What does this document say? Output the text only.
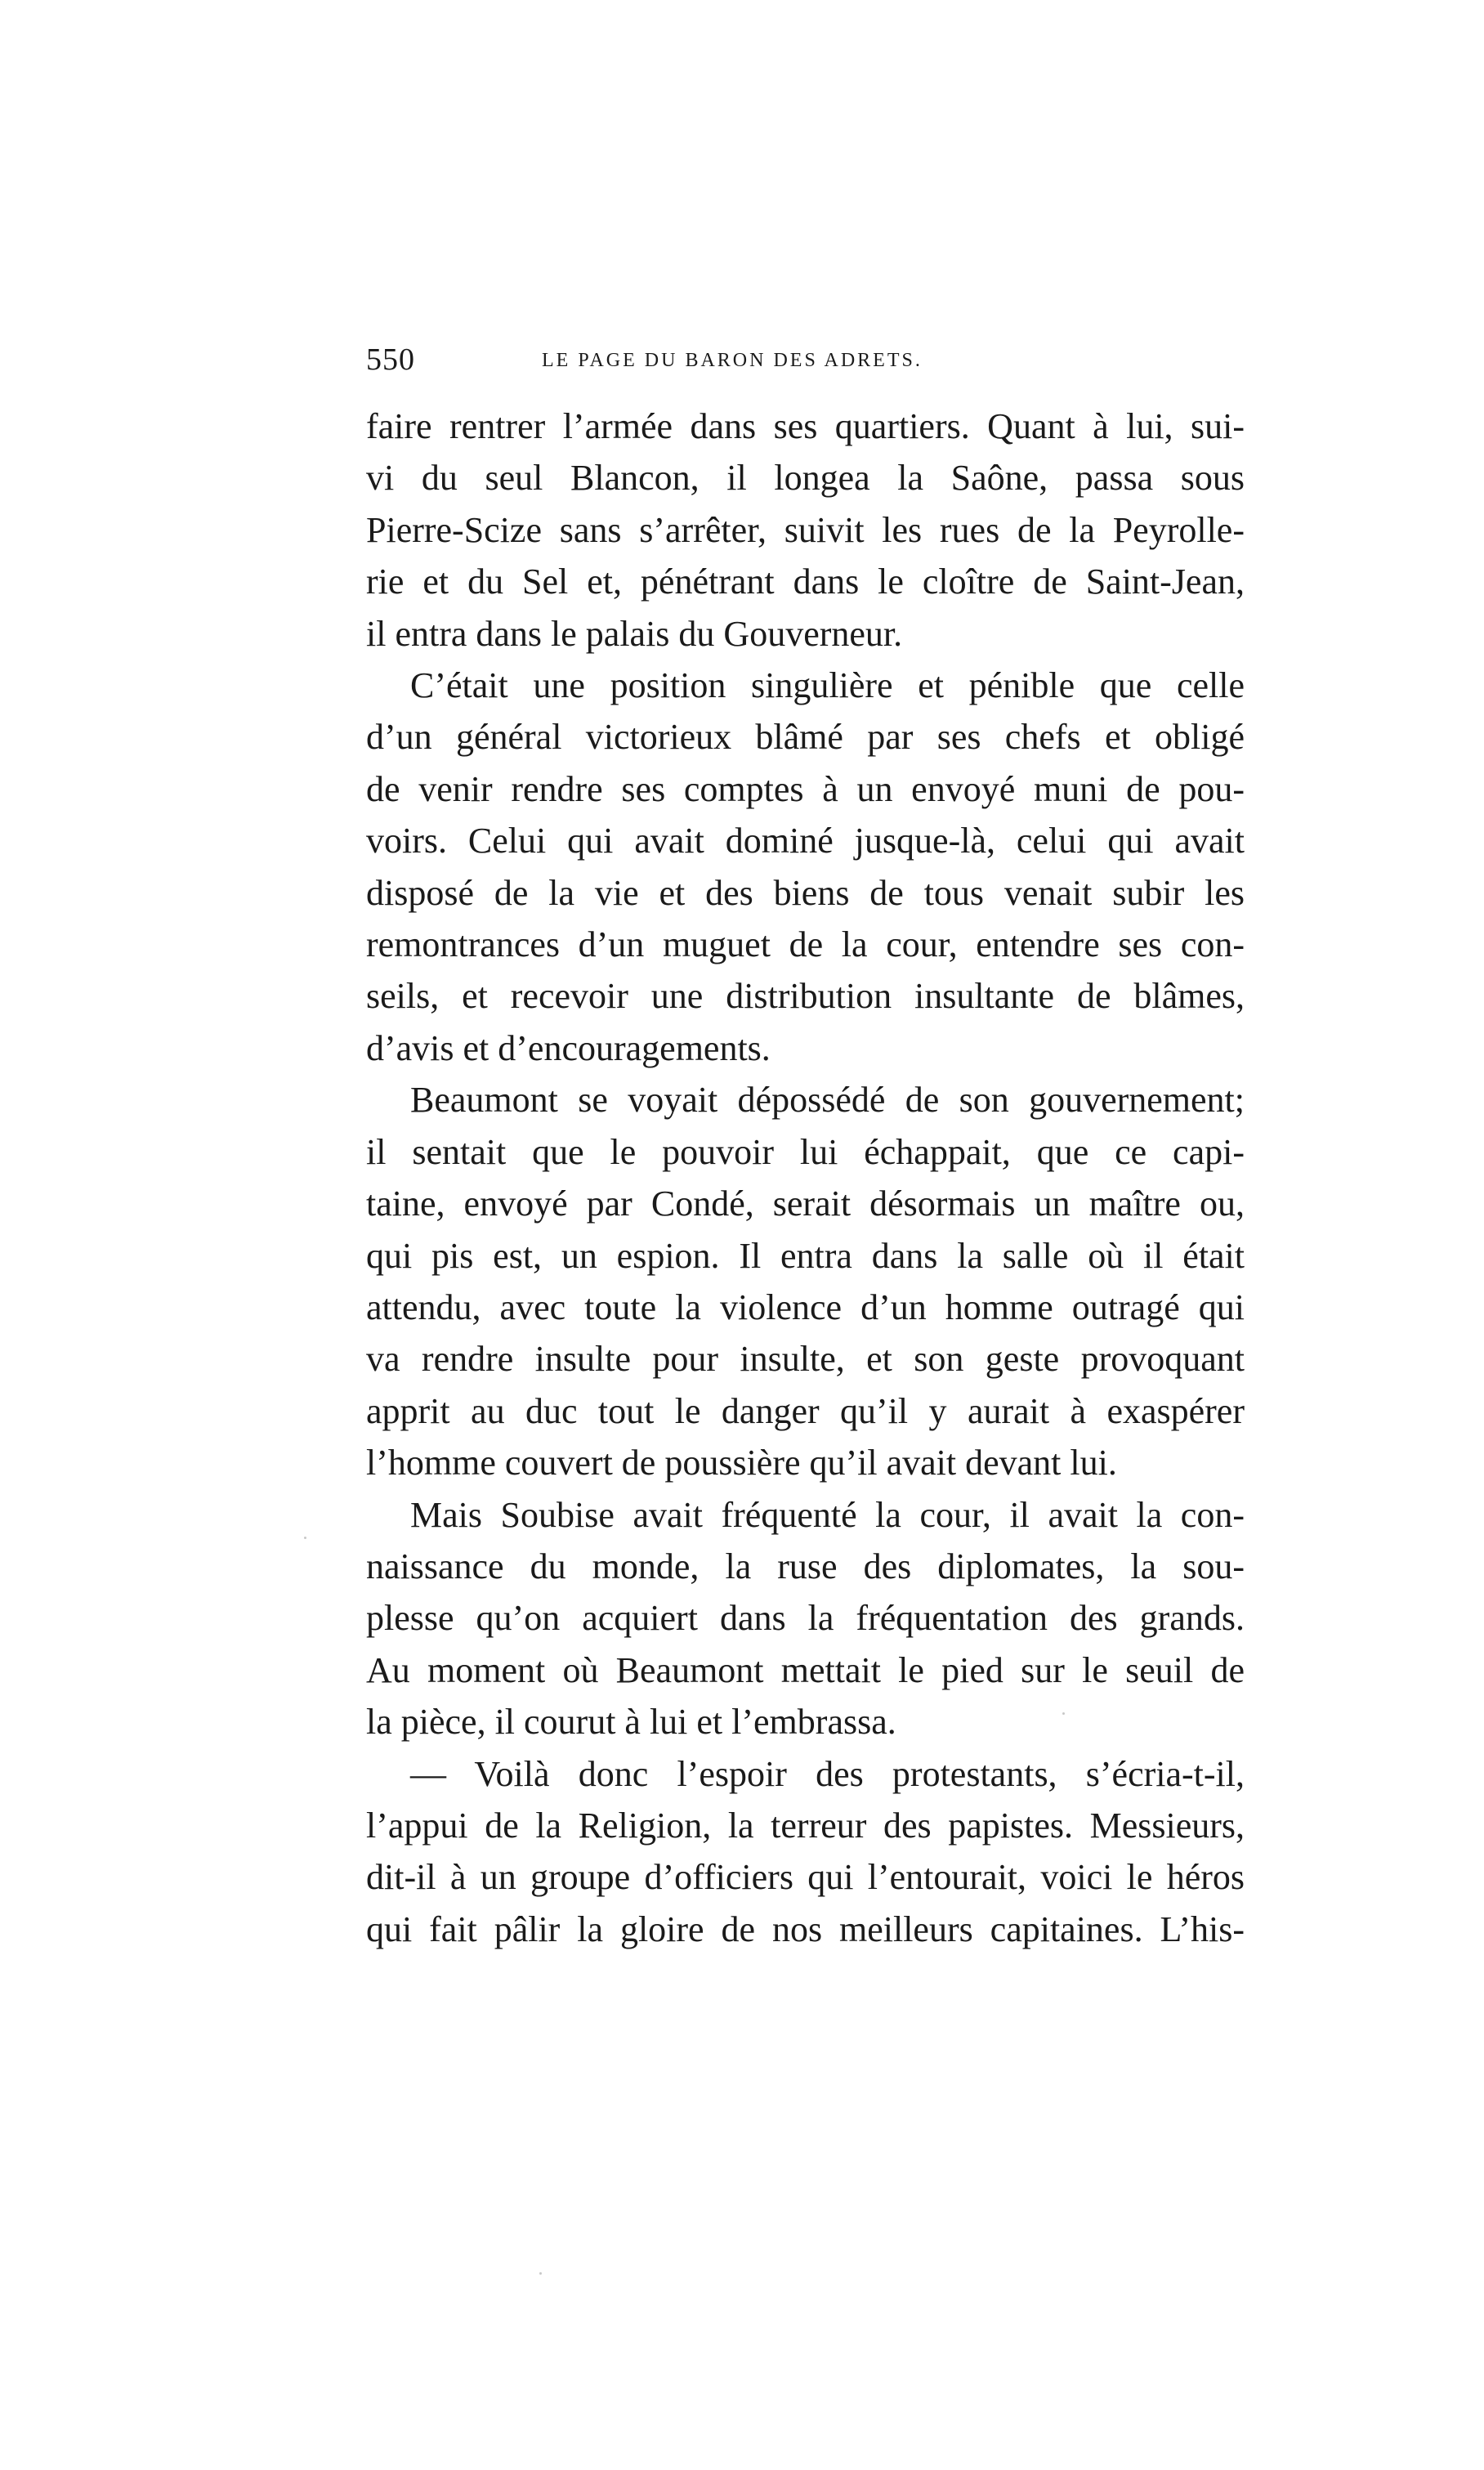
550	LE PAGE DU BARON DES ADRETS.

faire rentrer l’armée dans ses quartiers. Quant à lui, sui-
vi du seul Blancon, il longea la Saône, passa sous
Pierre-Scize sans s’arrêter, suivit les rues de la Peyrolle-
rie et du Sel et, pénétrant dans le cloître de Saint-Jean,
il entra dans le palais du Gouverneur.

C’était une position singulière et pénible que celle
d’un général victorieux blâmé par ses chefs et obligé
de venir rendre ses comptes à un envoyé muni de pou-
voirs. Celui qui avait dominé jusque-là, celui qui avait
disposé de la vie et des biens de tous venait subir les
remontrances d’un muguet de la cour, entendre ses con-
seils, et recevoir une distribution insultante de blâmes,
d’avis et d’encouragements.

Beaumont se voyait dépossédé de son gouvernement;
il sentait que le pouvoir lui échappait, que ce capi-
taine, envoyé par Condé, serait désormais un maître ou,
qui pis est, un espion. Il entra dans la salle où il était
attendu, avec toute la violence d’un homme outragé qui
va rendre insulte pour insulte, et son geste provoquant
apprit au duc tout le danger qu’il y aurait à exaspérer
l’homme couvert de poussière qu’il avait devant lui.

Mais Soubise avait fréquenté la cour, il avait la con-
naissance du monde, la ruse des diplomates, la sou-
plesse qu’on acquiert dans la fréquentation des grands.
Au moment où Beaumont mettait le pied sur le seuil de
la pièce, il courut à lui et l’embrassa.

— Voilà donc l’espoir des protestants, s’écria-t-il,
l’appui de la Religion, la terreur des papistes. Messieurs,
dit-il à un groupe d’officiers qui l’entourait, voici le héros
qui fait pâlir la gloire de nos meilleurs capitaines. L’his-
